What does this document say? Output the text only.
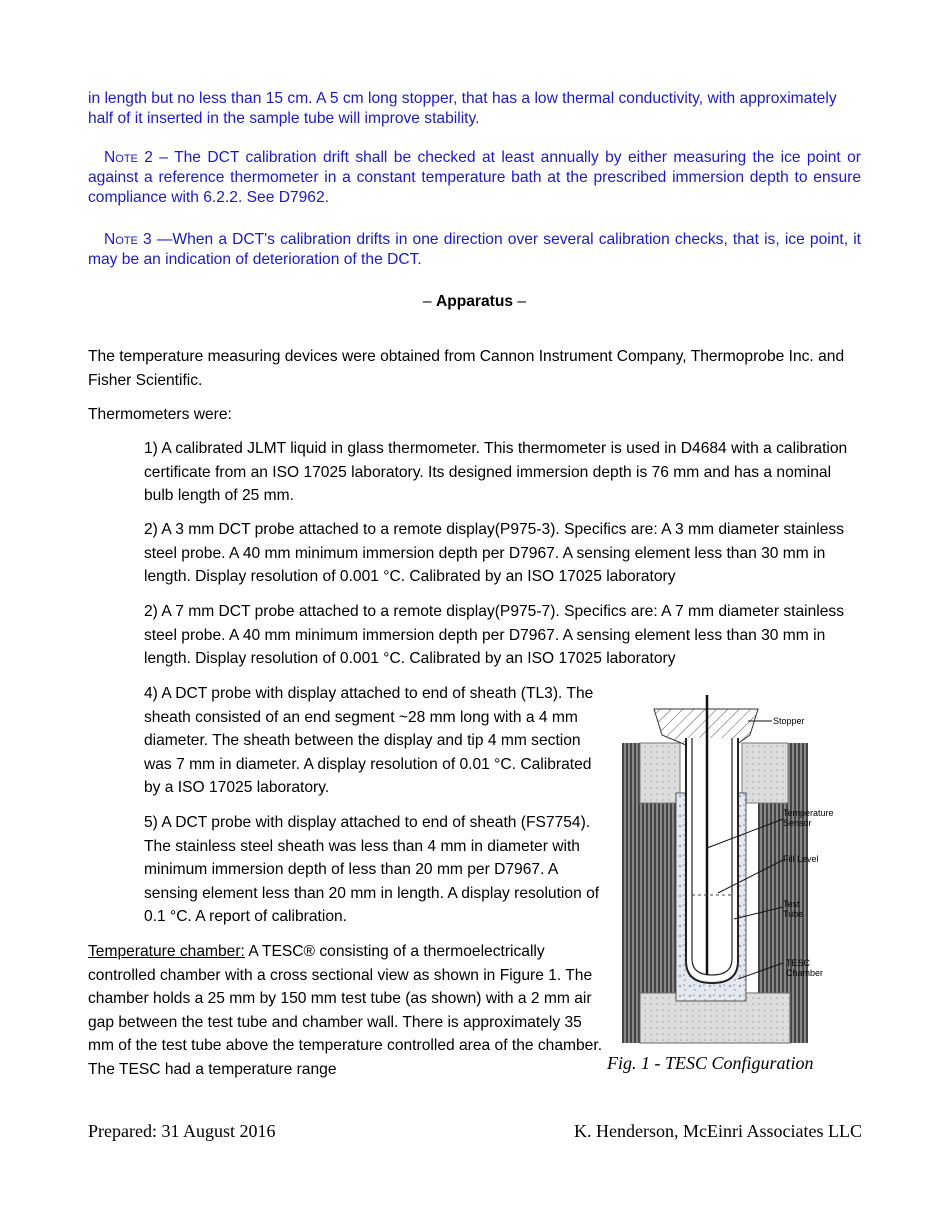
in length but no less than 15 cm. A 5 cm long stopper, that has a low thermal conductivity, with approximately half of it inserted in the sample tube will improve stability.
Note 2 – The DCT calibration drift shall be checked at least annually by either measuring the ice point or against a reference thermometer in a constant temperature bath at the prescribed immersion depth to ensure compliance with 6.2.2. See D7962.
Note 3 —When a DCT's calibration drifts in one direction over several calibration checks, that is, ice point, it may be an indication of deterioration of the DCT.
– Apparatus –
The temperature measuring devices were obtained from Cannon Instrument Company, Thermoprobe Inc. and Fisher Scientific.
Thermometers were:
1) A calibrated JLMT liquid in glass thermometer. This thermometer is used in D4684 with a calibration certificate from an ISO 17025 laboratory. Its designed immersion depth is 76 mm and has a nominal bulb length of 25 mm.
2) A 3 mm DCT probe attached to a remote display(P975-3). Specifics are: A 3 mm diameter stainless steel probe. A 40 mm minimum immersion depth per D7967. A sensing element less than 30 mm in length. Display resolution of 0.001 °C. Calibrated by an ISO 17025 laboratory
2) A 7 mm DCT probe attached to a remote display(P975-7). Specifics are: A 7 mm diameter stainless steel probe. A 40 mm minimum immersion depth per D7967. A sensing element less than 30 mm in length. Display resolution of 0.001 °C. Calibrated by an ISO 17025 laboratory
4) A DCT probe with display attached to end of sheath (TL3). The sheath consisted of an end segment ~28 mm long with a 4 mm diameter. The sheath between the display and tip 4 mm section was 7 mm in diameter. A display resolution of 0.01 °C. Calibrated by a ISO 17025 laboratory.
5) A DCT probe with display attached to end of sheath (FS7754). The stainless steel sheath was less than 4 mm in diameter with minimum immersion depth of less than 20 mm per D7967. A sensing element less than 20 mm in length. A display resolution of 0.1 °C. A report of calibration.
Temperature chamber: A TESC® consisting of a thermoelectrically controlled chamber with a cross sectional view as shown in Figure 1. The chamber holds a 25 mm by 150 mm test tube (as shown) with a 2 mm air gap between the test tube and chamber wall. There is approximately 35 mm of the test tube above the temperature controlled area of the chamber. The TESC had a temperature range
Stopper
Temperature
Sensor
Fill Level
Test
Tube
TESC
Chamber
Fig. 1 - TESC Configuration
Prepared: 31 August 2016	K. Henderson, McEinri Associates LLC
